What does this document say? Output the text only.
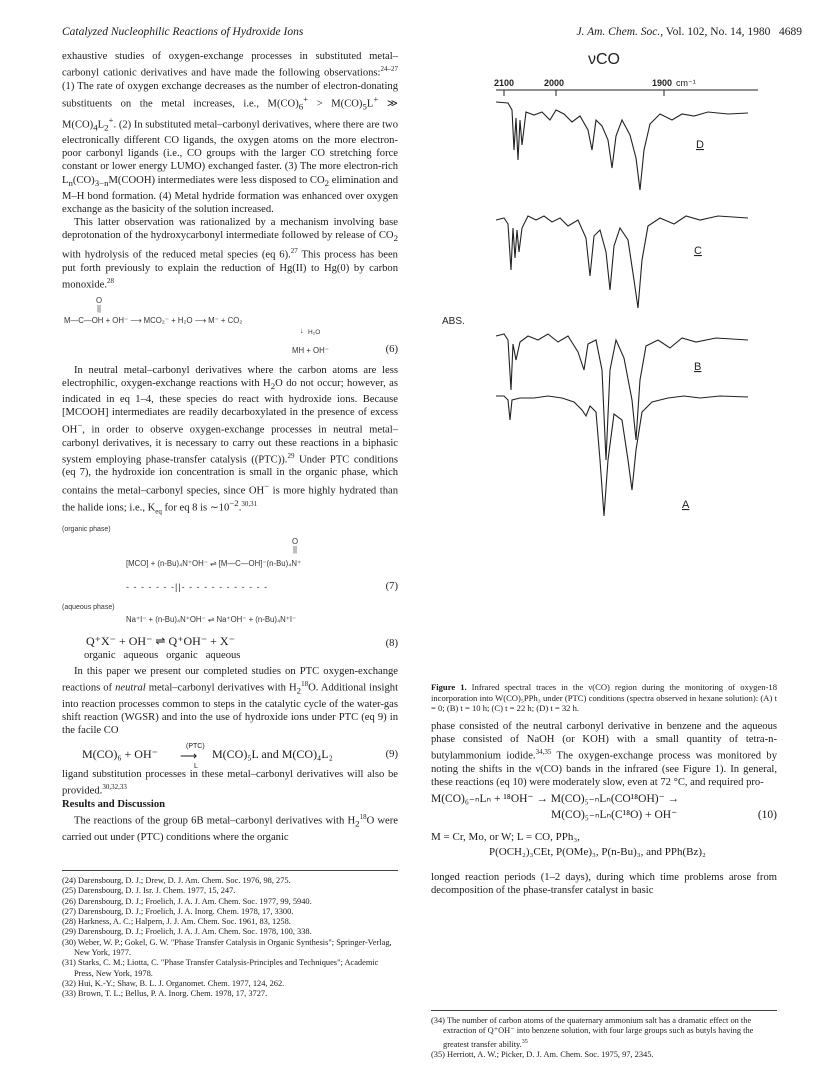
Catalyzed Nucleophilic Reactions of Hydroxide Ions	J. Am. Chem. Soc., Vol. 102, No. 14, 1980 4689

exhaustive studies of oxygen-exchange processes in substituted metal–carbonyl cationic derivatives and have made the following observations:$^{24-27}$ (1) The rate of oxygen exchange decreases as the number of electron-donating substituents on the metal increases, i.e., $M(CO)_6^+ > M(CO)_5L^+$ ≫ $M(CO)_4L_2^+$. (2) In substituted metal–carbonyl derivatives, where there are two electronically different CO ligands, the oxygen atoms on the more electron-poor carbonyl ligands (i.e., CO groups with the larger CO stretching force constant or lower energy LUMO) exchanged faster. (3) The more electron-rich $L_n(CO)_{3-n}M(COOH)$ intermediates were less disposed to $CO_2$ elimination and M–H bond formation. (4) Metal hydride formation was enhanced over oxygen exchange as the basicity of the solution increased.

This latter observation was rationalized by a mechanism involving base deprotonation of the hydroxycarbonyl intermediate followed by release of $CO_2$ with hydrolysis of the reduced metal species (eq 6).$^{27}$ This process has been put forth previously to explain the reduction of Hg(II) to Hg(0) by carbon monoxide.$^{28}$

O
||
M—C—OH + OH⁻ ⟶ MCO₂⁻ + H₂O ⟶ M⁻ + CO₂
↓ H₂O
MH + OH⁻	(6)

In neutral metal–carbonyl derivatives where the carbon atoms are less electrophilic, oxygen-exchange reactions with $H_2O$ do not occur; however, as indicated in eq 1–4, these species do react with hydroxide ions. Because [MCOOH] intermediates are readily decarboxylated in the presence of excess OH−, in order to observe oxygen-exchange processes in neutral metal–carbonyl derivatives, it is necessary to carry out these reactions in a biphasic system employing phase-transfer catalysis ((PTC)).$^{29}$ Under PTC conditions (eq 7), the hydroxide ion concentration is small in the organic phase, which contains the metal–carbonyl species, since OH− is more highly hydrated than the halide ions; i.e., $K_{eq}$ for eq 8 is $\sim 10^{-2}.^{30,31}$

(organic phase)
O
||
[MCO] + (n-Bu)₄N⁺OH⁻ ⇌ [M—C—OH]⁻(n-Bu)₄N⁺
- - - - - - -||- - - - - - - - - - - -	(7)
(aqueous phase)
Na⁺I⁻ + (n-Bu)₄N⁺OH⁻ ⇌ Na⁺OH⁻ + (n-Bu)₄N⁺I⁻
Q⁺X⁻ + OH⁻ ⇌ Q⁺OH⁻ + X⁻
organic   aqueous   organic   aqueous
(8)

In this paper we present our completed studies on PTC oxygen-exchange reactions of neutral metal–carbonyl derivatives with $H_2^{18}O$. Additional insight into reaction processes common to steps in the catalytic cycle of the water-gas shift reaction (WGSR) and into the use of hydroxide ions under PTC (eq 9) in the facile CO

M(CO)₆ + OH⁻
(PTC)
⟶
L
M(CO)₅L and M(CO)₄L₂	(9)

ligand substitution processes in these metal–carbonyl derivatives will also be provided.$^{30,32,33}$

Results and Discussion

The reactions of the group 6B metal–carbonyl derivatives with $H_2^{18}O$ were carried out under (PTC) conditions where the organic

(24) Darensbourg, D. J.; Drew, D. J. Am. Chem. Soc. 1976, 98, 275.
(25) Darensbourg, D. J. Isr. J. Chem. 1977, 15, 247.
(26) Darensbourg, D. J.; Froelich, J. A. J. Am. Chem. Soc. 1977, 99, 5940.
(27) Darensbourg, D. J.; Froelich, J. A. Inorg. Chem. 1978, 17, 3300.
(28) Harkness, A. C.; Halpern, J. J. Am. Chem. Soc. 1961, 83, 1258.
(29) Darensbourg, D. J.; Froelich, J. A. J. Am. Chem. Soc. 1978, 100, 338.
(30) Weber, W. P.; Gokel, G. W. "Phase Transfer Catalysis in Organic Synthesis"; Springer-Verlag, New York, 1977.
(31) Starks, C. M.; Liotta, C. "Phase Transfer Catalysis-Principles and Techniques"; Academic Press, New York, 1978.
(32) Hui, K.-Y.; Shaw, B. L. J. Organomet. Chem. 1977, 124, 262.
(33) Brown, T. L.; Bellus, P. A. Inorg. Chem. 1978, 17, 3727.
νCO
2100	2000	1900 cm⁻¹
ABS.
D
C
B
A
Figure 1. Infrared spectral traces in the ν(CO) region during the monitoring of oxygen-18 incorporation into W(CO)₅PPh₃ under (PTC) conditions (spectra observed in hexane solution): (A) t = 0; (B) t = 10 h; (C) t = 22 h; (D) t = 32 h.

phase consisted of the neutral carbonyl derivative in benzene and the aqueous phase consisted of NaOH (or KOH) with a small quantity of tetra-n-butylammonium iodide.$^{34,35}$ The oxygen-exchange process was monitored by noting the shifts in the ν(CO) bands in the infrared (see Figure 1). In general, these reactions (eq 10) were moderately slow, even at 72 °C, and required pro-

M(CO)₆₋ₙLₙ + ¹⁸OH⁻ → M(CO)₅₋ₙLₙ(CO¹⁸OH)⁻ →
M(CO)₅₋ₙLₙ(C¹⁸O) + OH⁻	(10)
M = Cr, Mo, or W; L = CO, PPh₃,
P(OCH₂)₃CEt, P(OMe)₃, P(n-Bu)₃, and PPh(Bz)₂

longed reaction periods (1–2 days), during which time problems arose from decomposition of the phase-transfer catalyst in basic

(34) The number of carbon atoms of the quaternary ammonium salt has a dramatic effect on the extraction of Q⁺OH⁻ into benzene solution, with four large groups such as butyls having the greatest transfer ability.$^{35}$
(35) Herriott, A. W.; Picker, D. J. Am. Chem. Soc. 1975, 97, 2345.
